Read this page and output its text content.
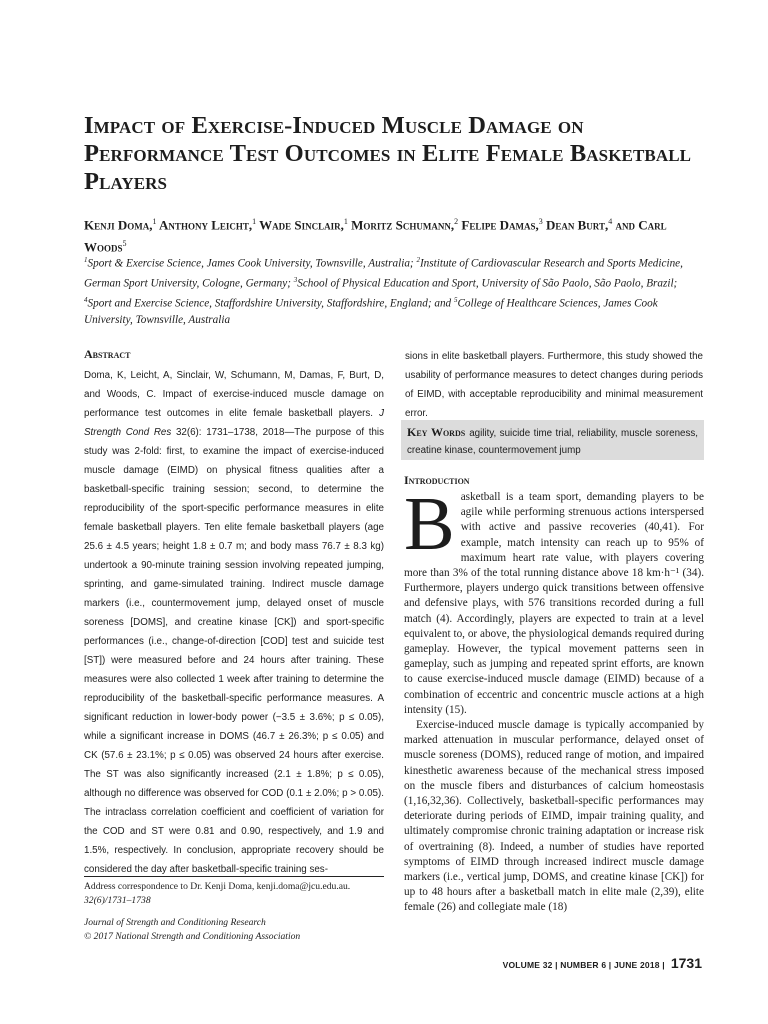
Impact of Exercise-Induced Muscle Damage on Performance Test Outcomes in Elite Female Basketball Players

Kenji Doma,$^1$ Anthony Leicht,$^1$ Wade Sinclair,$^1$ Moritz Schumann,$^2$ Felipe Damas,$^3$ Dean Burt,$^4$ and Carl Woods$^5$

$^1$Sport & Exercise Science, James Cook University, Townsville, Australia; $^2$Institute of Cardiovascular Research and Sports Medicine, German Sport University, Cologne, Germany; $^3$School of Physical Education and Sport, University of São Paolo, São Paolo, Brazil; $^4$Sport and Exercise Science, Staffordshire University, Staffordshire, England; and $^5$College of Healthcare Sciences, James Cook University, Townsville, Australia

Abstract

Doma, K, Leicht, A, Sinclair, W, Schumann, M, Damas, F, Burt, D, and Woods, C. Impact of exercise-induced muscle damage on performance test outcomes in elite female basketball players. J Strength Cond Res 32(6): 1731–1738, 2018—The purpose of this study was 2-fold: first, to examine the impact of exercise-induced muscle damage (EIMD) on physical fitness qualities after a basketball-specific training session; second, to determine the reproducibility of the sport-specific performance measures in elite female basketball players. Ten elite female basketball players (age 25.6 ± 4.5 years; height 1.8 ± 0.7 m; and body mass 76.7 ± 8.3 kg) undertook a 90-minute training session involving repeated jumping, sprinting, and game-simulated training. Indirect muscle damage markers (i.e., countermovement jump, delayed onset of muscle soreness [DOMS], and creatine kinase [CK]) and sport-specific performances (i.e., change-of-direction [COD] test and suicide test [ST]) were measured before and 24 hours after training. These measures were also collected 1 week after training to determine the reproducibility of the basketball-specific performance measures. A significant reduction in lower-body power (−3.5 ± 3.6%; p ≤ 0.05), while a significant increase in DOMS (46.7 ± 26.3%; p ≤ 0.05) and CK (57.6 ± 23.1%; p ≤ 0.05) was observed 24 hours after exercise. The ST was also significantly increased (2.1 ± 1.8%; p ≤ 0.05), although no difference was observed for COD (0.1 ± 2.0%; p > 0.05). The intraclass correlation coefficient and coefficient of variation for the COD and ST were 0.81 and 0.90, respectively, and 1.9 and 1.5%, respectively. In conclusion, appropriate recovery should be considered the day after basketball-specific training ses-

sions in elite basketball players. Furthermore, this study showed the usability of performance measures to detect changes during periods of EIMD, with acceptable reproducibility and minimal measurement error.

Key Words agility, suicide time trial, reliability, muscle soreness, creatine kinase, countermovement jump

Introduction

Basketball is a team sport, demanding players to be agile while performing strenuous actions interspersed with active and passive recoveries (40,41). For example, match intensity can reach up to 95% of maximum heart rate value, with players covering more than 3% of the total running distance above 18 km·h⁻¹ (34). Furthermore, players undergo quick transitions between offensive and defensive plays, with 576 transitions recorded during a full match (4). Accordingly, players are expected to train at a level equivalent to, or above, the physiological demands required during gameplay. However, the typical movement patterns seen in gameplay, such as jumping and repeated sprint efforts, are known to cause exercise-induced muscle damage (EIMD) because of a combination of eccentric and concentric muscle actions at a high intensity (15).

Exercise-induced muscle damage is typically accompanied by marked attenuation in muscular performance, delayed onset of muscle soreness (DOMS), reduced range of motion, and impaired kinesthetic awareness because of the mechanical stress imposed on the muscle fibers and disturbances of calcium homeostasis (1,16,32,36). Collectively, basketball-specific performances may deteriorate during periods of EIMD, impair training quality, and ultimately compromise chronic training adaptation or increase risk of overtraining (8). Indeed, a number of studies have reported symptoms of EIMD through increased indirect muscle damage markers (i.e., vertical jump, DOMS, and creatine kinase [CK]) for up to 48 hours after a basketball match in elite male (2,39), elite female (26) and collegiate male (18)

Address correspondence to Dr. Kenji Doma, kenji.doma@jcu.edu.au.

32(6)/1731–1738

Journal of Strength and Conditioning Research

© 2017 National Strength and Conditioning Association

VOLUME 32 | NUMBER 6 | JUNE 2018 | 1731
